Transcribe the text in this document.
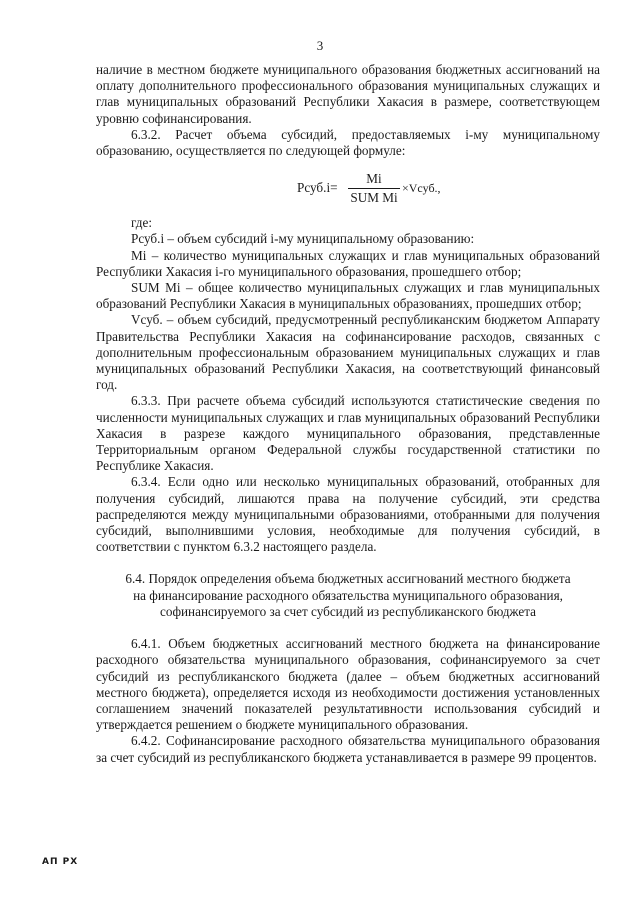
3

наличие в местном бюджете муниципального образования бюджетных ассигнований на оплату дополнительного профессионального образования муниципальных служащих и глав муниципальных образований Республики Хакасия в размере, соответствующем уровню софинансирования.

6.3.2. Расчет объема субсидий, предоставляемых i-му муниципальному образованию, осуществляется по следующей формуле:

Рсуб.i=
Mi
SUM Mi
×Vсуб.,

где:

Рсуб.i – объем субсидий i-му муниципальному образованию:

Mi – количество муниципальных служащих и глав муниципальных образований Республики Хакасия i-го муниципального образования, прошедшего отбор;

SUM Mi – общее количество муниципальных служащих и глав муниципальных образований Республики Хакасия в муниципальных образованиях, прошедших отбор;

Vсуб. – объем субсидий, предусмотренный республиканским бюджетом Аппарату Правительства Республики Хакасия на софинансирование расходов, связанных с дополнительным профессиональным образованием муниципальных служащих и глав муниципальных образований Республики Хакасия, на соответствующий финансовый год.

6.3.3. При расчете объема субсидий используются статистические сведения по численности муниципальных служащих и глав муниципальных образований Республики Хакасия в разрезе каждого муниципального образования, представленные Территориальным органом Федеральной службы государственной статистики по Республике Хакасия.

6.3.4. Если одно или несколько муниципальных образований, отобранных для получения субсидий, лишаются права на получение субсидий, эти средства распределяются между муниципальными образованиями, отобранными для получения субсидий, выполнившими условия, необходимые для получения субсидий, в соответствии с пунктом 6.3.2 настоящего раздела.

6.4. Порядок определения объема бюджетных ассигнований местного бюджета
на финансирование расходного обязательства муниципального образования,
софинансируемого за счет субсидий из республиканского бюджета

6.4.1. Объем бюджетных ассигнований местного бюджета на финансирование расходного обязательства муниципального образования, софинансируемого за счет субсидий из республиканского бюджета (далее – объем бюджетных ассигнований местного бюджета), определяется исходя из необходимости достижения установленных соглашением значений показателей результативности использования субсидий и утверждается решением о бюджете муниципального образования.

6.4.2. Софинансирование расходного обязательства муниципального образования за счет субсидий из республиканского бюджета устанавливается в размере 99 процентов.

АП РХ
